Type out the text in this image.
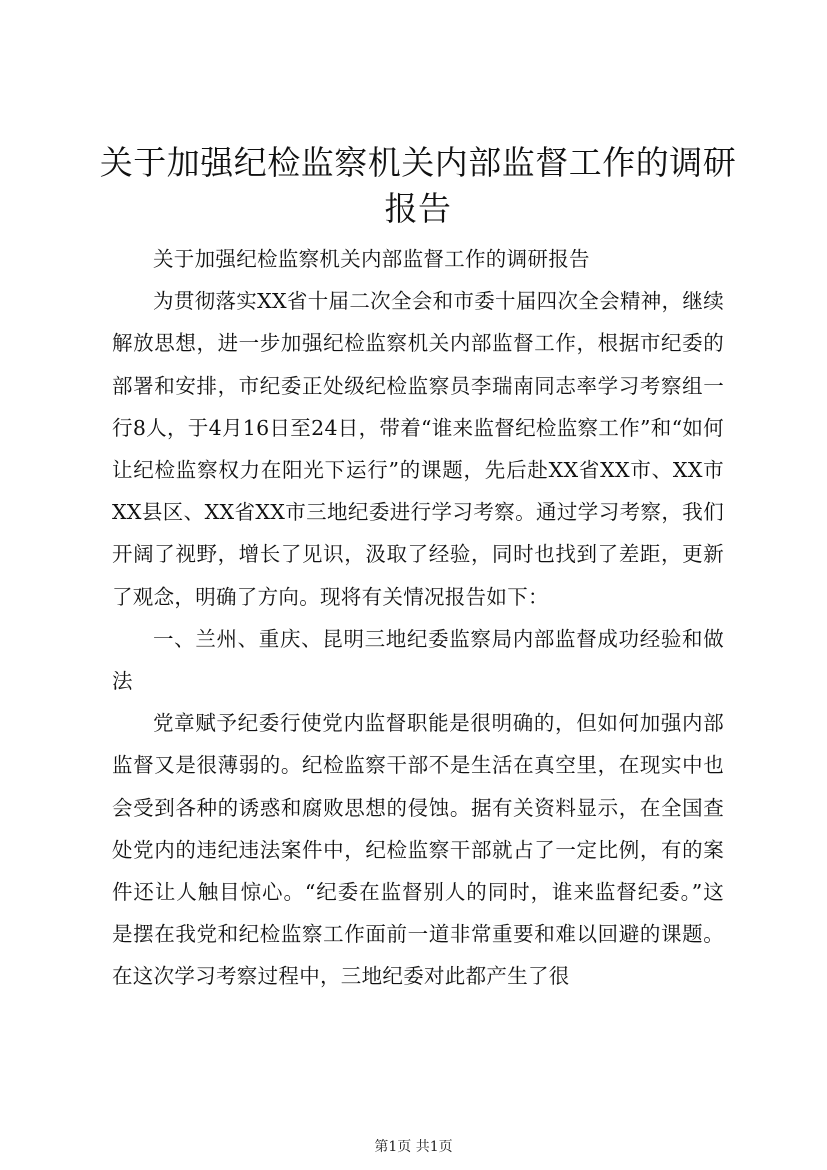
关于加强纪检监察机关内部监督工作的调研报告

关于加强纪检监察机关内部监督工作的调研报告

为贯彻落实XX省十届二次全会和市委十届四次全会精神，继续解放思想，进一步加强纪检监察机关内部监督工作，根据市纪委的部署和安排，市纪委正处级纪检监察员李瑞南同志率学习考察组一行8人，于4月16日至24日，带着“谁来监督纪检监察工作”和“如何让纪检监察权力在阳光下运行”的课题，先后赴XX省XX市、XX市XX县区、XX省XX市三地纪委进行学习考察。通过学习考察，我们开阔了视野，增长了见识，汲取了经验，同时也找到了差距，更新了观念，明确了方向。现将有关情况报告如下：

一、兰州、重庆、昆明三地纪委监察局内部监督成功经验和做法

党章赋予纪委行使党内监督职能是很明确的，但如何加强内部监督又是很薄弱的。纪检监察干部不是生活在真空里，在现实中也会受到各种的诱惑和腐败思想的侵蚀。据有关资料显示，在全国查处党内的违纪违法案件中，纪检监察干部就占了一定比例，有的案件还让人触目惊心。“纪委在监督别人的同时，谁来监督纪委。”这是摆在我党和纪检监察工作面前一道非常重要和难以回避的课题。在这次学习考察过程中，三地纪委对此都产生了很

第1页 共1页
